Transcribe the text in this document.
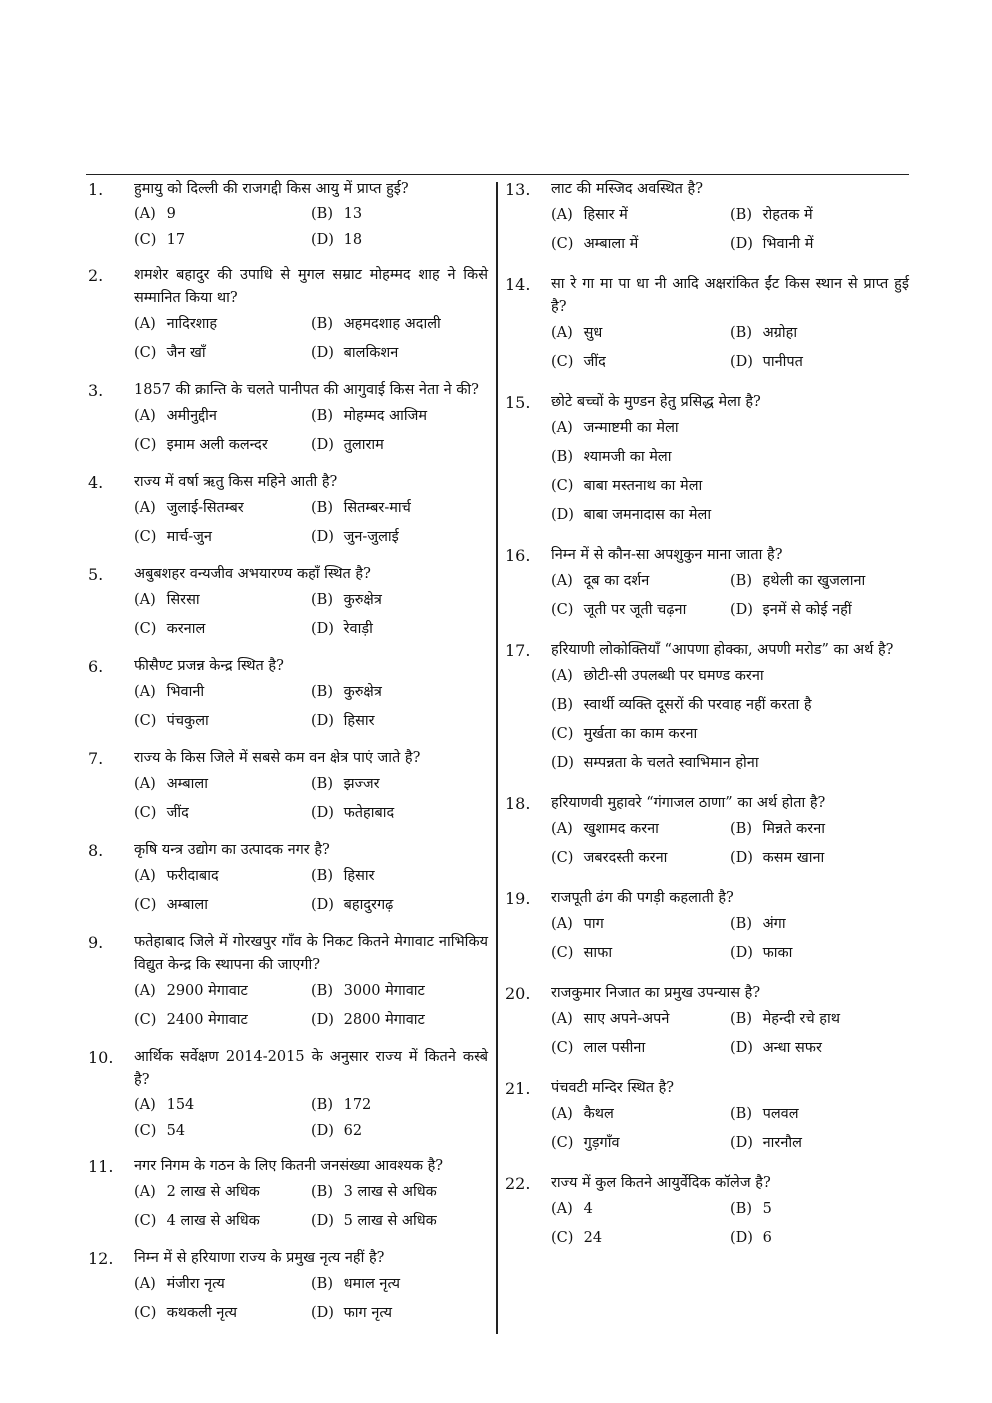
1.	हुमायु को दिल्ली की राजगद्दी किस आयु में प्राप्त हुई?
(A) 9	(B) 13
(C) 17	(D) 18
2.	शमशेर बहादुर की उपाधि से मुगल सम्राट मोहम्मद शाह ने किसे सम्मानित किया था?
(A) नादिरशाह	(B) अहमदशाह अदाली
(C) जैन खाँ	(D) बालकिशन
3.	1857 की क्रान्ति के चलते पानीपत की आगुवाई किस नेता ने की?
(A) अमीनुद्दीन	(B) मोहम्मद आजिम
(C) इमाम अली कलन्दर	(D) तुलाराम
4.	राज्य में वर्षा ऋतु किस महिने आती है?
(A) जुलाई-सितम्बर	(B) सितम्बर-मार्च
(C) मार्च-जुन	(D) जुन-जुलाई
5.	अबुबशहर वन्यजीव अभयारण्य कहाँ स्थित है?
(A) सिरसा	(B) कुरुक्षेत्र
(C) करनाल	(D) रेवाड़ी
6.	फीसैण्ट प्रजन्न केन्द्र स्थित है?
(A) भिवानी	(B) कुरुक्षेत्र
(C) पंचकुला	(D) हिसार
7.	राज्य के किस जिले में सबसे कम वन क्षेत्र पाएं जाते है?
(A) अम्बाला	(B) झज्जर
(C) जींद	(D) फतेहाबाद
8.	कृषि यन्त्र उद्योग का उत्पादक नगर है?
(A) फरीदाबाद	(B) हिसार
(C) अम्बाला	(D) बहादुरगढ़
9.	फतेहाबाद जिले में गोरखपुर गाँव के निकट कितने मेगावाट नाभिकिय विद्युत केन्द्र कि स्थापना की जाएगी?
(A) 2900 मेगावाट	(B) 3000 मेगावाट
(C) 2400 मेगावाट	(D) 2800 मेगावाट
10.	आर्थिक सर्वेक्षण 2014-2015 के अनुसार राज्य में कितने कस्बे है?
(A) 154	(B) 172
(C) 54	(D) 62
11.	नगर निगम के गठन के लिए कितनी जनसंख्या आवश्यक है?
(A) 2 लाख से अधिक	(B) 3 लाख से अधिक
(C) 4 लाख से अधिक	(D) 5 लाख से अधिक
12.	निम्न में से हरियाणा राज्य के प्रमुख नृत्य नहीं है?
(A) मंजीरा नृत्य	(B) धमाल नृत्य
(C) कथकली नृत्य	(D) फाग नृत्य
13.	लाट की मस्जिद अवस्थित है?
(A) हिसार में	(B) रोहतक में
(C) अम्बाला में	(D) भिवानी में
14.	सा रे गा मा पा धा नी आदि अक्षरांकित ईंट किस स्थान से प्राप्त हुई है?
(A) सुध	(B) अग्रोहा
(C) जींद	(D) पानीपत
15.	छोटे बच्चों के मुण्डन हेतु प्रसिद्ध मेला है?
(A) जन्माष्टमी का मेला
(B) श्यामजी का मेला
(C) बाबा मस्तनाथ का मेला
(D) बाबा जमनादास का मेला
16.	निम्न में से कौन-सा अपशुकुन माना जाता है?
(A) दूब का दर्शन	(B) हथेली का खुजलाना
(C) जूती पर जूती चढ़ना	(D) इनमें से कोई नहीं
17.	हरियाणी लोकोक्तियाँ “आपणा होक्का, अपणी मरोड” का अर्थ है?
(A) छोटी-सी उपलब्धी पर घमण्ड करना
(B) स्वार्थी व्यक्ति दूसरों की परवाह नहीं करता है
(C) मुर्खता का काम करना
(D) सम्पन्नता के चलते स्वाभिमान होना
18.	हरियाणवी मुहावरे “गंगाजल ठाणा” का अर्थ होता है?
(A) खुशामद करना	(B) मिन्नते करना
(C) जबरदस्ती करना	(D) कसम खाना
19.	राजपूती ढंग की पगड़ी कहलाती है?
(A) पाग	(B) अंगा
(C) साफा	(D) फाका
20.	राजकुमार निजात का प्रमुख उपन्यास है?
(A) साए अपने-अपने	(B) मेहन्दी रचे हाथ
(C) लाल पसीना	(D) अन्धा सफर
21.	पंचवटी मन्दिर स्थित है?
(A) कैथल	(B) पलवल
(C) गुड़गाँव	(D) नारनौल
22.	राज्य में कुल कितने आयुर्वेदिक कॉलेज है?
(A) 4	(B) 5
(C) 24	(D) 6
